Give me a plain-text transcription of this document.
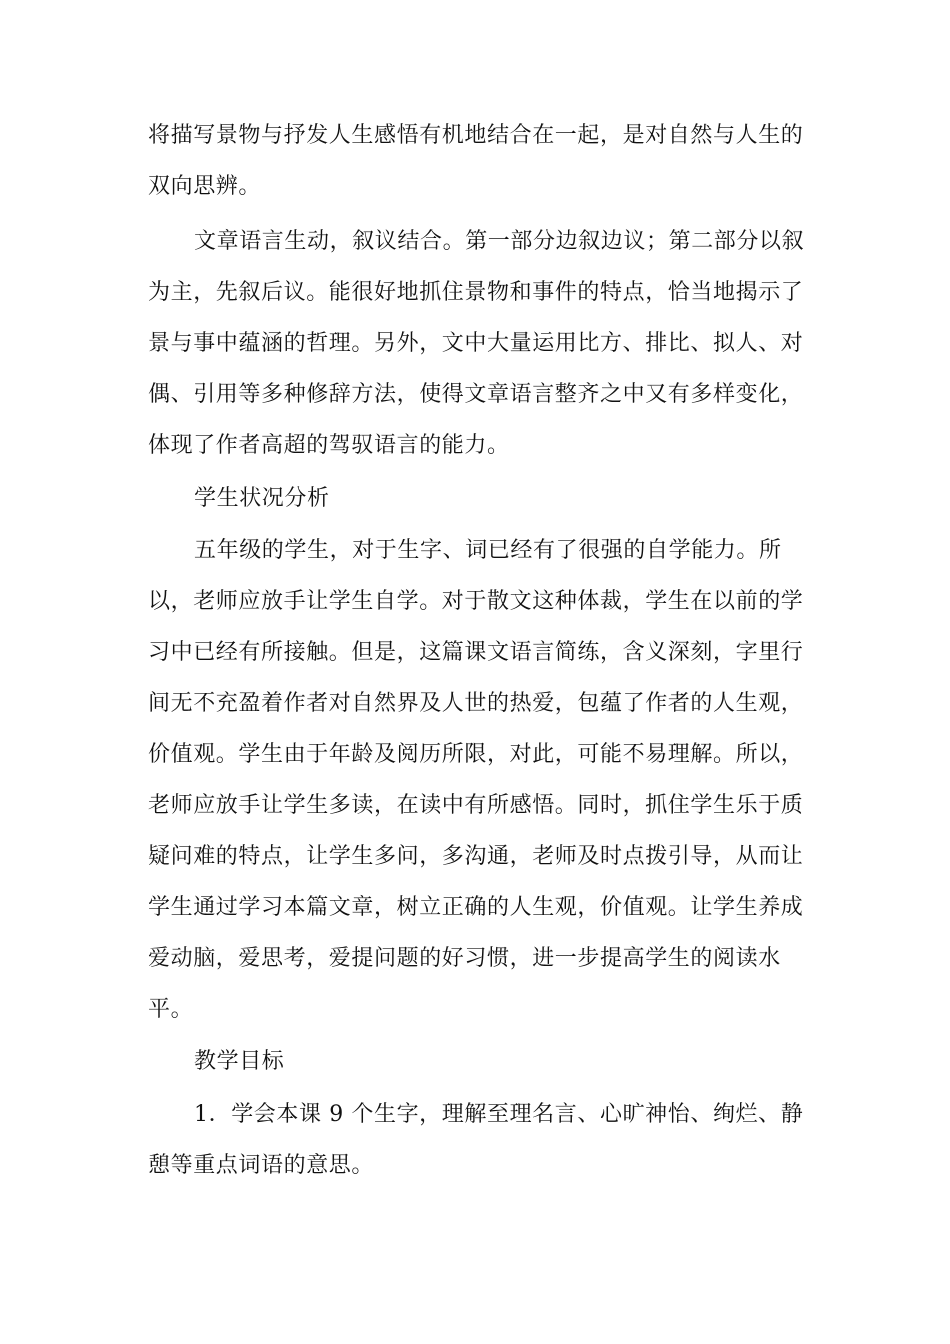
将描写景物与抒发人生感悟有机地结合在一起，是对自然与人生的
双向思辨。
文章语言生动，叙议结合。第一部分边叙边议；第二部分以叙
为主，先叙后议。能很好地抓住景物和事件的特点，恰当地揭示了
景与事中蕴涵的哲理。另外，文中大量运用比方、排比、拟人、对
偶、引用等多种修辞方法，使得文章语言整齐之中又有多样变化，
体现了作者高超的驾驭语言的能力。
学生状况分析
五年级的学生，对于生字、词已经有了很强的自学能力。所
以，老师应放手让学生自学。对于散文这种体裁，学生在以前的学
习中已经有所接触。但是，这篇课文语言简练，含义深刻，字里行
间无不充盈着作者对自然界及人世的热爱，包蕴了作者的人生观，
价值观。学生由于年龄及阅历所限，对此，可能不易理解。所以，
老师应放手让学生多读，在读中有所感悟。同时，抓住学生乐于质
疑问难的特点，让学生多问，多沟通，老师及时点拨引导，从而让
学生通过学习本篇文章，树立正确的人生观，价值观。让学生养成
爱动脑，爱思考，爱提问题的好习惯，进一步提高学生的阅读水
平。
教学目标
1．学会本课 9 个生字，理解至理名言、心旷神怡、绚烂、静
憩等重点词语的意思。
